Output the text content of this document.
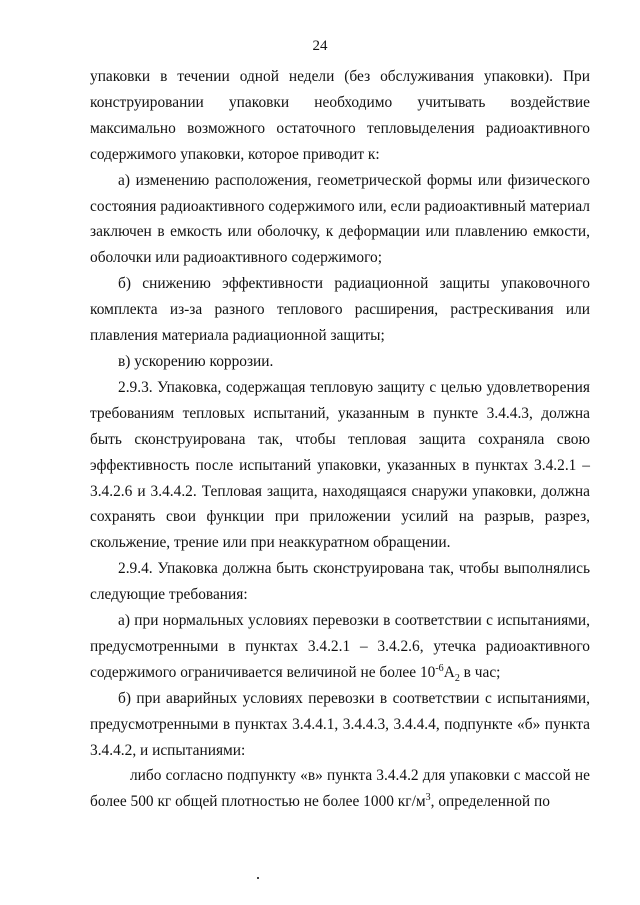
24

упаковки в течении одной недели (без обслуживания упаковки). При конструировании упаковки необходимо учитывать воздействие максимально возможного остаточного тепловыделения радиоактивного содержимого упаковки, которое приводит к:

а) изменению расположения, геометрической формы или физического состояния радиоактивного содержимого или, если радиоактивный материал заключен в емкость или оболочку, к деформации или плавлению емкости, оболочки или радиоактивного содержимого;

б) снижению эффективности радиационной защиты упаковочного комплекта из-за разного теплового расширения, растрескивания или плавления материала радиационной защиты;

в) ускорению коррозии.

2.9.3. Упаковка, содержащая тепловую защиту с целью удовлетворения требованиям тепловых испытаний, указанным в пункте 3.4.4.3, должна быть сконструирована так, чтобы тепловая защита сохраняла свою эффективность после испытаний упаковки, указанных в пунктах 3.4.2.1 – 3.4.2.6 и 3.4.4.2. Тепловая защита, находящаяся снаружи упаковки, должна сохранять свои функции при приложении усилий на разрыв, разрез, скольжение, трение или при неаккуратном обращении.

2.9.4. Упаковка должна быть сконструирована так, чтобы выполнялись следующие требования:

а) при нормальных условиях перевозки в соответствии с испытаниями, предусмотренными в пунктах 3.4.2.1 – 3.4.2.6, утечка радиоактивного содержимого ограничивается величиной не более $10^{-6}A_2$ в час;

б) при аварийных условиях перевозки в соответствии с испытаниями, предусмотренными в пунктах 3.4.4.1, 3.4.4.3, 3.4.4.4, подпункте «б» пункта 3.4.4.2, и испытаниями:

либо согласно подпункту «в» пункта 3.4.4.2 для упаковки с массой не более 500 кг общей плотностью не более 1000 $кг/м^3$, определенной по
